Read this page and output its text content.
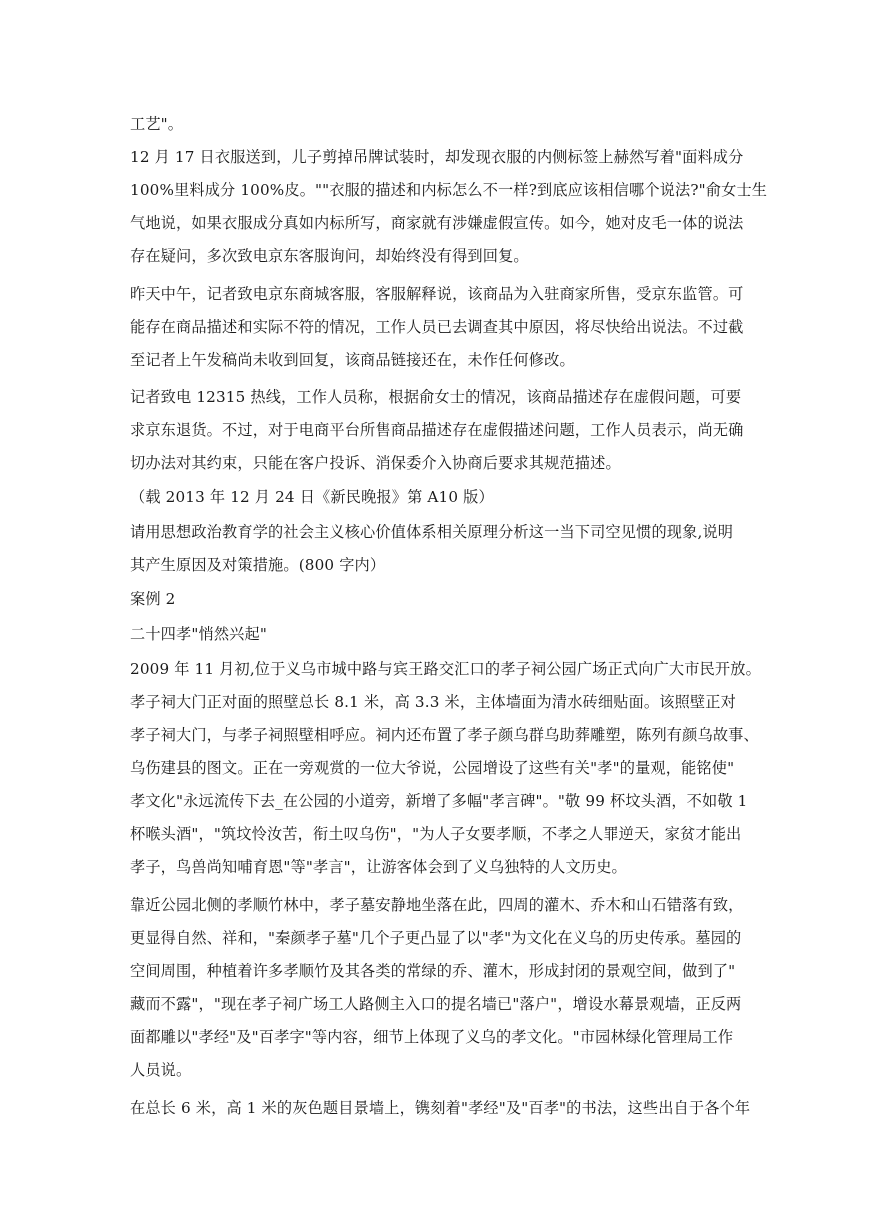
工艺"。
12 月 17 日衣服送到，儿子剪掉吊牌试装时，却发现衣服的内侧标签上赫然写着"面料成分
100%里料成分 100%皮。""衣服的描述和内标怎么不一样?到底应该相信哪个说法?"俞女士生
气地说，如果衣服成分真如内标所写，商家就有涉嫌虚假宣传。如今，她对皮毛一体的说法
存在疑问，多次致电京东客服询问，却始终没有得到回复。
昨天中午，记者致电京东商城客服，客服解释说，该商品为入驻商家所售，受京东监管。可
能存在商品描述和实际不符的情况，工作人员已去调查其中原因，将尽快给出说法。不过截
至记者上午发稿尚未收到回复，该商品链接还在，未作任何修改。
记者致电 12315 热线，工作人员称，根据俞女士的情况，该商品描述存在虚假问题，可要
求京东退货。不过，对于电商平台所售商品描述存在虚假描述问题，工作人员表示，尚无确
切办法对其约束，只能在客户投诉、消保委介入协商后要求其规范描述。
（载 2013 年 12 月 24 日《新民晚报》第 A10 版）
请用思想政治教育学的社会主义核心价值体系相关原理分析这一当下司空见惯的现象,说明
其产生原因及对策措施。(800 字内）
案例 2
二十四孝"悄然兴起"
2009 年 11 月初,位于义乌市城中路与宾王路交汇口的孝子祠公园广场正式向广大市民开放。
孝子祠大门正对面的照壁总长 8.1 米，高 3.3 米，主体墙面为清水砖细贴面。该照壁正对
孝子祠大门，与孝子祠照壁相呼应。祠内还布置了孝子颜乌群乌助葬雕塑，陈列有颜乌故事、
乌伤建县的图文。正在一旁观赏的一位大爷说，公园增设了这些有关"孝"的量观，能铭使"
孝文化"永远流传下去_在公园的小道旁，新增了多幅"孝言碑"。"敬 99 杯坟头酒，不如敬 1
杯喉头酒"，"筑坟怜汝苦，衔土叹乌伤"，"为人子女要孝顺，不孝之人罪逆天，家贫才能出
孝子，鸟兽尚知哺育恩"等"孝言"，让游客体会到了义乌独特的人文历史。
靠近公园北侧的孝顺竹林中，孝子墓安静地坐落在此，四周的灌木、乔木和山石错落有致，
更显得自然、祥和，"秦颜孝子墓"几个子更凸显了以"孝"为文化在义乌的历史传承。墓园的
空间周围，种植着许多孝顺竹及其各类的常绿的乔、灌木，形成封闭的景观空间，做到了"
藏而不露"，"现在孝子祠广场工人路侧主入口的提名墙已"落户"，增设水幕景观墙，正反两
面都雕以"孝经"及"百孝字"等内容，细节上体现了义乌的孝文化。"市园林绿化管理局工作
人员说。
在总长 6 米，高 1 米的灰色题目景墙上，镌刻着"孝经"及"百孝"的书法，这些出自于各个年
